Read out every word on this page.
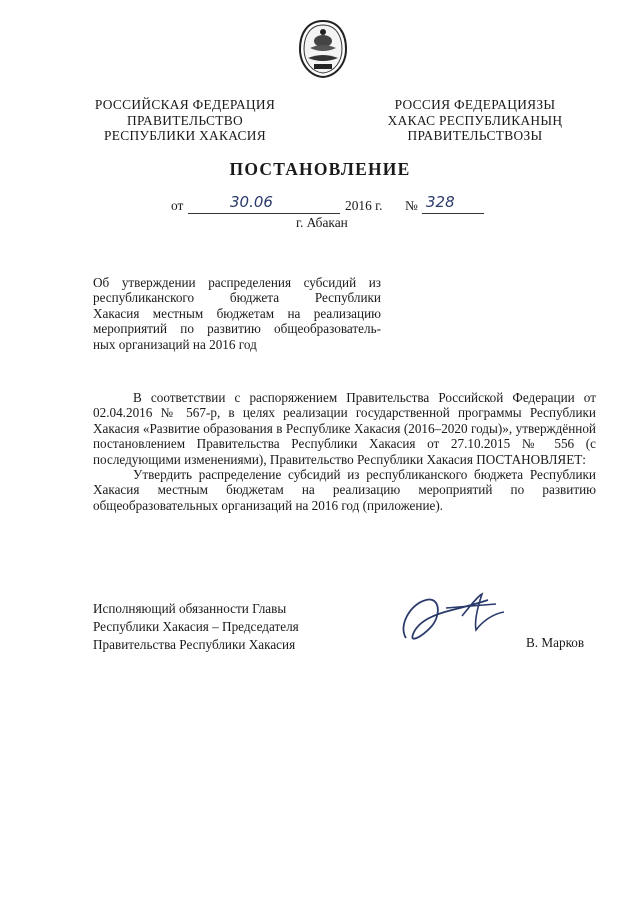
РОССИЙСКАЯ ФЕДЕРАЦИЯ
ПРАВИТЕЛЬСТВО
РЕСПУБЛИКИ ХАКАСИЯ
РОССИЯ ФЕДЕРАЦИЯЗЫ
ХАКАС РЕСПУБЛИКАНЫҢ
ПРАВИТЕЛЬСТВОЗЫ
ПОСТАНОВЛЕНИЕ
от	30.06	2016 г. № 328
г. Абакан

Об утверждении распределения субсидий из

республиканского бюджета Республики

Хакасия местным бюджетам на реализацию

мероприятий по развитию общеобразователь-

ных организаций на 2016 год

В соответствии с распоряжением Правительства Российской Федерации от 02.04.2016 № 567-р, в целях реализации государственной программы Республики Хакасия «Развитие образования в Республике Хакасия (2016–2020 годы)», утверждённой постановлением Правительства Республики Хакасия от 27.10.2015 № 556 (с последующими изменениями), Правительство Республики Хакасия ПОСТАНОВЛЯЕТ:

Утвердить распределение субсидий из республиканского бюджета Республики Хакасия местным бюджетам на реализацию мероприятий по развитию общеобразовательных организаций на 2016 год (приложение).

Исполняющий обязанности Главы
Республики Хакасия – Председателя
Правительства Республики Хакасия	В. Марков
